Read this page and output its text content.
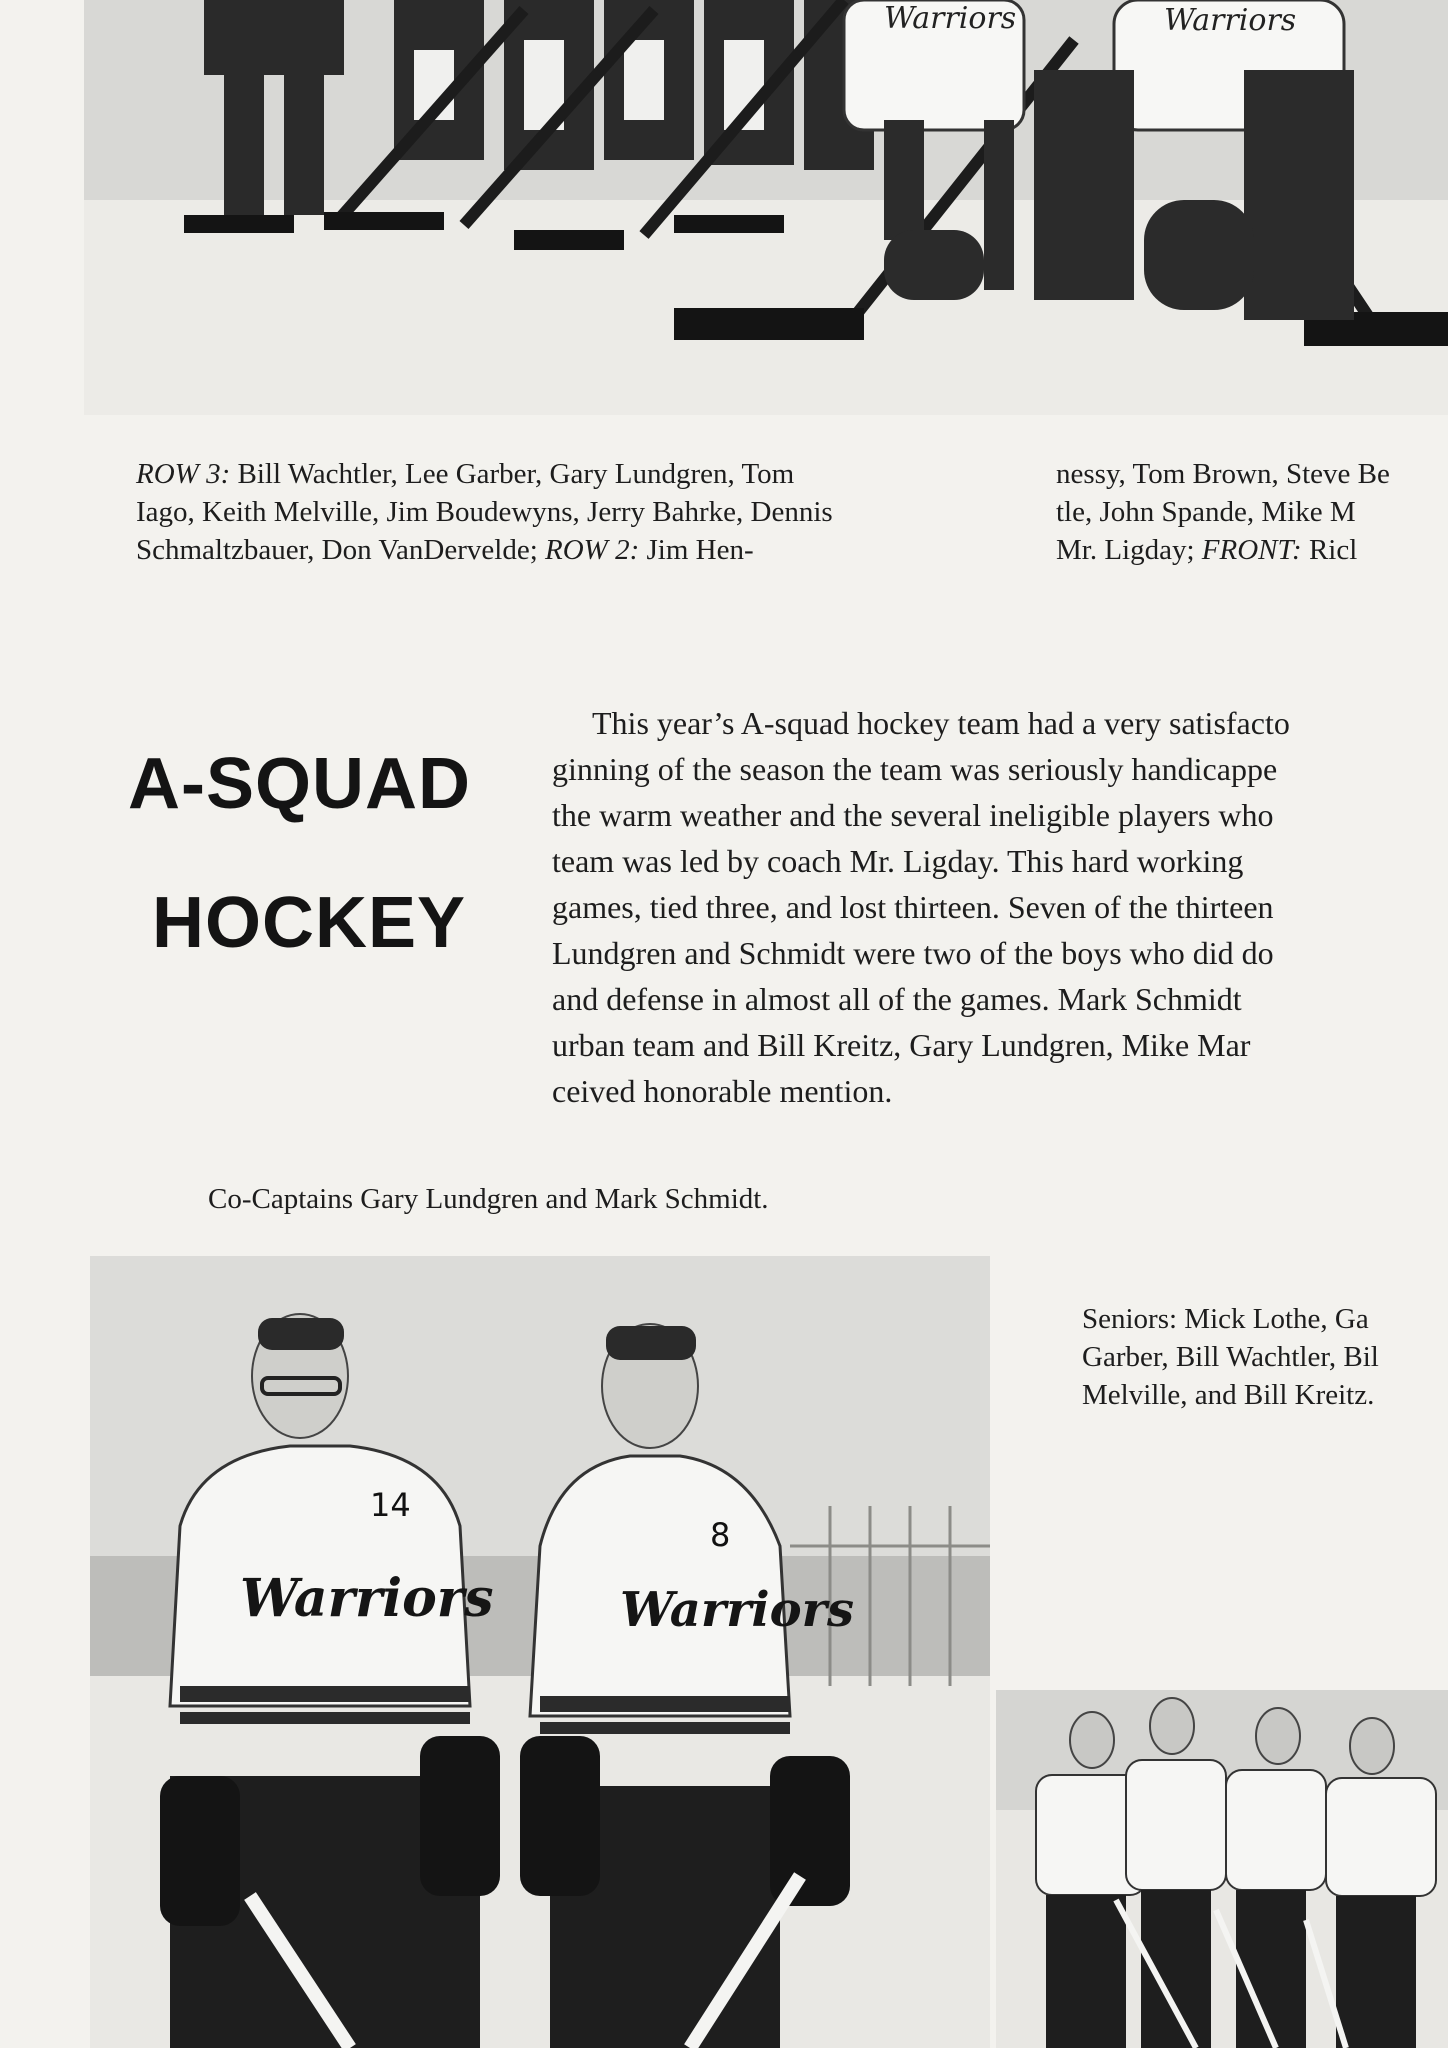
Warriors	Warriors
ROW 3: Bill Wachtler, Lee Garber, Gary Lundgren, Tom
Iago, Keith Melville, Jim Boudewyns, Jerry Bahrke, Dennis
Schmaltzbauer, Don VanDervelde; ROW 2: Jim Hen-
nessy, Tom Brown, Steve Be
tle, John Spande, Mike M
Mr. Ligday; FRONT: Ricl
A-SQUAD
HOCKEY

This year’s A-squad hockey team had a very satisfacto

ginning of the season the team was seriously handicappe

the warm weather and the several ineligible players who

team was led by coach Mr. Ligday. This hard working

games, tied three, and lost thirteen. Seven of the thirteen

Lundgren and Schmidt were two of the boys who did do

and defense in almost all of the games. Mark Schmidt

urban team and Bill Kreitz, Gary Lundgren, Mike Mar

ceived honorable mention.

Co-Captains Gary Lundgren and Mark Schmidt.
14
Warriors
8
Warriors
Seniors: Mick Lothe, Ga
Garber, Bill Wachtler, Bil
Melville, and Bill Kreitz.
